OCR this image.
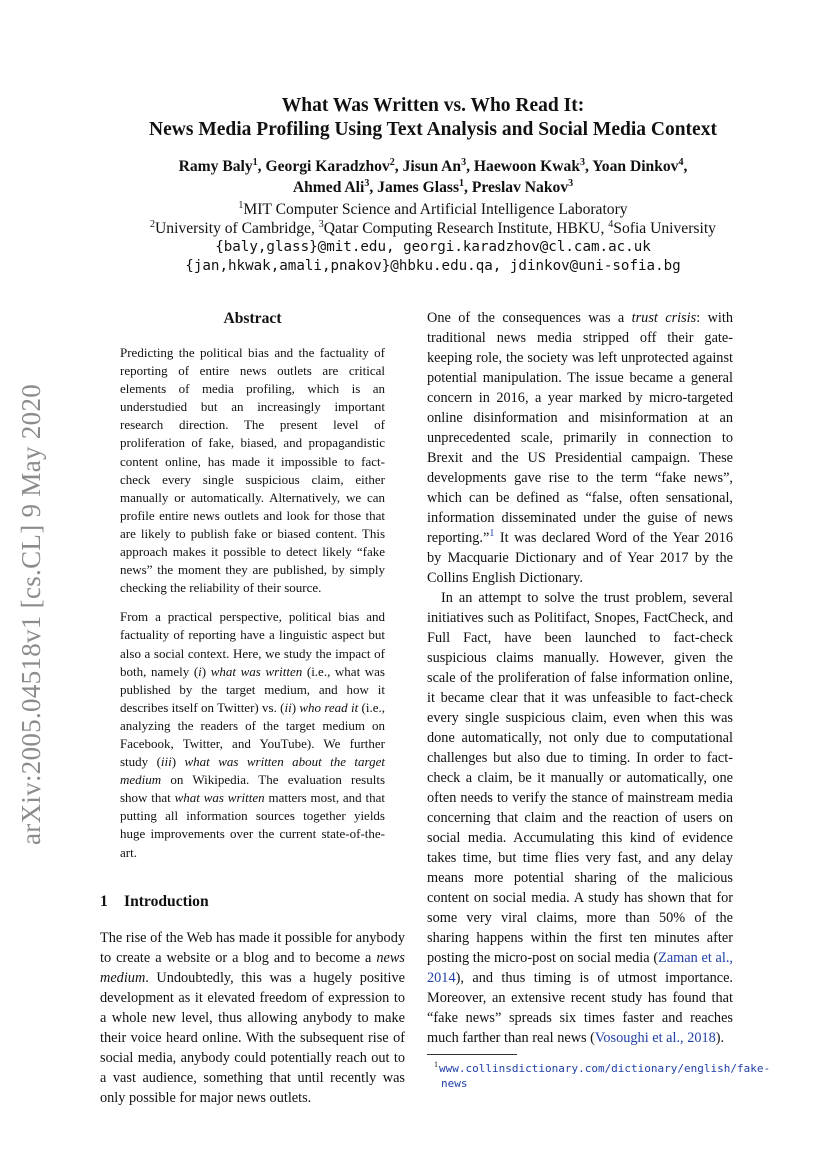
arXiv:2005.04518v1 [cs.CL] 9 May 2020
What Was Written vs. Who Read It:
News Media Profiling Using Text Analysis and Social Media Context
Ramy Baly$^1$, Georgi Karadzhov$^2$, Jisun An$^3$, Haewoon Kwak$^3$, Yoan Dinkov$^4$,
Ahmed Ali$^3$, James Glass$^1$, Preslav Nakov$^3$
$^1$MIT Computer Science and Artificial Intelligence Laboratory
$^2$University of Cambridge, $^3$Qatar Computing Research Institute, HBKU, $^4$Sofia University
{baly,glass}@mit.edu, georgi.karadzhov@cl.cam.ac.uk
{jan,hkwak,amali,pnakov}@hbku.edu.qa, jdinkov@uni-sofia.bg
Abstract

Predicting the political bias and the factuality of reporting of entire news outlets are critical elements of media profiling, which is an understudied but an increasingly important research direction. The present level of proliferation of fake, biased, and propagandistic content online, has made it impossible to fact-check every single suspicious claim, either manually or automatically. Alternatively, we can profile entire news outlets and look for those that are likely to publish fake or biased content. This approach makes it possible to detect likely “fake news” the moment they are published, by simply checking the reliability of their source.

From a practical perspective, political bias and factuality of reporting have a linguistic aspect but also a social context. Here, we study the impact of both, namely (i) what was written (i.e., what was published by the target medium, and how it describes itself on Twitter) vs. (ii) who read it (i.e., analyzing the readers of the target medium on Facebook, Twitter, and YouTube). We further study (iii) what was written about the target medium on Wikipedia. The evaluation results show that what was written matters most, and that putting all information sources together yields huge improvements over the current state-of-the-art.

1 Introduction

The rise of the Web has made it possible for anybody to create a website or a blog and to become a news medium. Undoubtedly, this was a hugely positive development as it elevated freedom of expression to a whole new level, thus allowing anybody to make their voice heard online. With the subsequent rise of social media, anybody could potentially reach out to a vast audience, something that until recently was only possible for major news outlets.

One of the consequences was a trust crisis: with traditional news media stripped off their gate-keeping role, the society was left unprotected against potential manipulation. The issue became a general concern in 2016, a year marked by micro-targeted online disinformation and misinformation at an unprecedented scale, primarily in connection to Brexit and the US Presidential campaign. These developments gave rise to the term “fake news”, which can be defined as “false, often sensational, information disseminated under the guise of news reporting.”$^1$ It was declared Word of the Year 2016 by Macquarie Dictionary and of Year 2017 by the Collins English Dictionary.

In an attempt to solve the trust problem, several initiatives such as Politifact, Snopes, FactCheck, and Full Fact, have been launched to fact-check suspicious claims manually. However, given the scale of the proliferation of false information online, it became clear that it was unfeasible to fact-check every single suspicious claim, even when this was done automatically, not only due to computational challenges but also due to timing. In order to fact-check a claim, be it manually or automatically, one often needs to verify the stance of mainstream media concerning that claim and the reaction of users on social media. Accumulating this kind of evidence takes time, but time flies very fast, and any delay means more potential sharing of the malicious content on social media. A study has shown that for some very viral claims, more than 50% of the sharing happens within the first ten minutes after posting the micro-post on social media (Zaman et al., 2014), and thus timing is of utmost importance. Moreover, an extensive recent study has found that “fake news” spreads six times faster and reaches much farther than real news (Vosoughi et al., 2018).

$^1$www.collinsdictionary.com/dictionary/english/fake-news
